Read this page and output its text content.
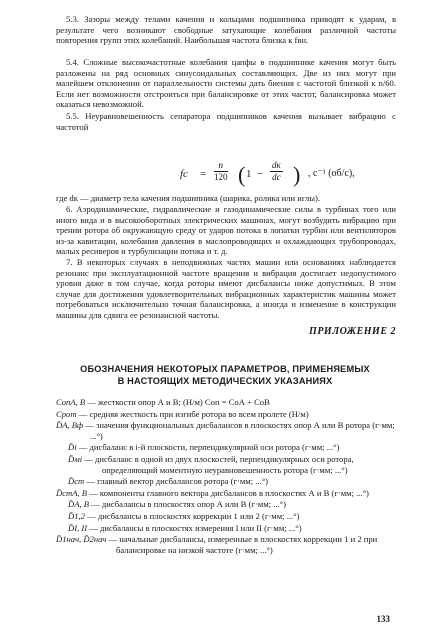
5.3. Зазоры между телами качения и кольцами подшипника приводят к ударам, в результате чего возникают свободные затухающие колебания различной частоты повторения групп этих колебаний. Наибольшая частота близка к fвн.

5.4. Сложные высокочастотные колебания цапфы в подшипнике качения могут быть разложены на ряд основных синусоидальных составляющих. Две из них могут при малейшем отклонении от параллельности системы дать биения с частотой близкой к n/60. Если нет возможности отстроиться при балансировке от этих частот, балансировка может оказаться невозможной.

5.5. Неуравновешенность сепаратора подшипников качения вызывает вибрацию с частотой

fc = $\frac{n}{120}$ ( 1 −
dк
dc ) , с⁻¹ (об/с),

где dк — диаметр тела качения подшипника (шарика, ролика или иглы).

6. Аэродинамические, гидравлические и газодинамические силы в турбинах того или иного вида и в высокооборотных электрических машинах, могут возбудить вибрацию при трении ротора об окружающую среду от ударов потока в лопатки турбин или вентиляторов из-за кавитации, колебания давления в маслопроводящих и охлаждающих трубопроводах, малых ресиверов и турбулизации потока и т. д.

7. В некоторых случаях в неподвижных частях машин или основаниях наблюдается резонанс при эксплуатационной частоте вращения и вибрация достигает недопустимого уровня даже в том случае, когда роторы имеют дисбалансы ниже допустимых. В этом случае для достижения удовлетворительных вибрационных характеристик машины может потребоваться исключительно точная балансировка, а иногда и изменение в конструкции машины для сдвига ее резонансной частоты.

ПРИЛОЖЕНИЕ 2
ОБОЗНАЧЕНИЯ НЕКОТОРЫХ ПАРАМЕТРОВ, ПРИМЕНЯЕМЫХ
В НАСТОЯЩИХ МЕТОДИЧЕСКИХ УКАЗАНИЯХ
CопА, В — жесткости опор А и В; (Н/м) Cоп = CоА + CоВ
Cрот — средняя жесткость при изгибе ротора во всем пролете (Н/м)
D̄А, Вф — значения функциональных дисбалансов в плоскостях опор А или В ротора (г·мм; ...°)
D̄i — дисбаланс в i-й плоскости, перпендикулярной оси ротора (г·мм; ...°)
D̄мi — дисбаланс в одной из двух плоскостей, перпендикулярных оси ротора, определяющий моментную неуравновешенность ротора (г·мм; ...°)
D̄ст — главный вектор дисбалансов ротора (г·мм; ...°)
D̄стА, В — компоненты главного вектора дисбалансов в плоскостях А и В (г·мм; ...°)
D̄А, В — дисбалансы в плоскостях опор А или В (г·мм; ...°)
D̄1,2 — дисбалансы в плоскостях коррекции 1 или 2 (г·мм; ...°)
D̄I, II — дисбалансы в плоскостях измерения I или II (г·мм; ...°)
D̄1нач, D̄2нач — начальные дисбалансы, измеренные в плоскостях коррекции 1 и 2 при балансировке на низкой частоте (г·мм; ...°)
133
